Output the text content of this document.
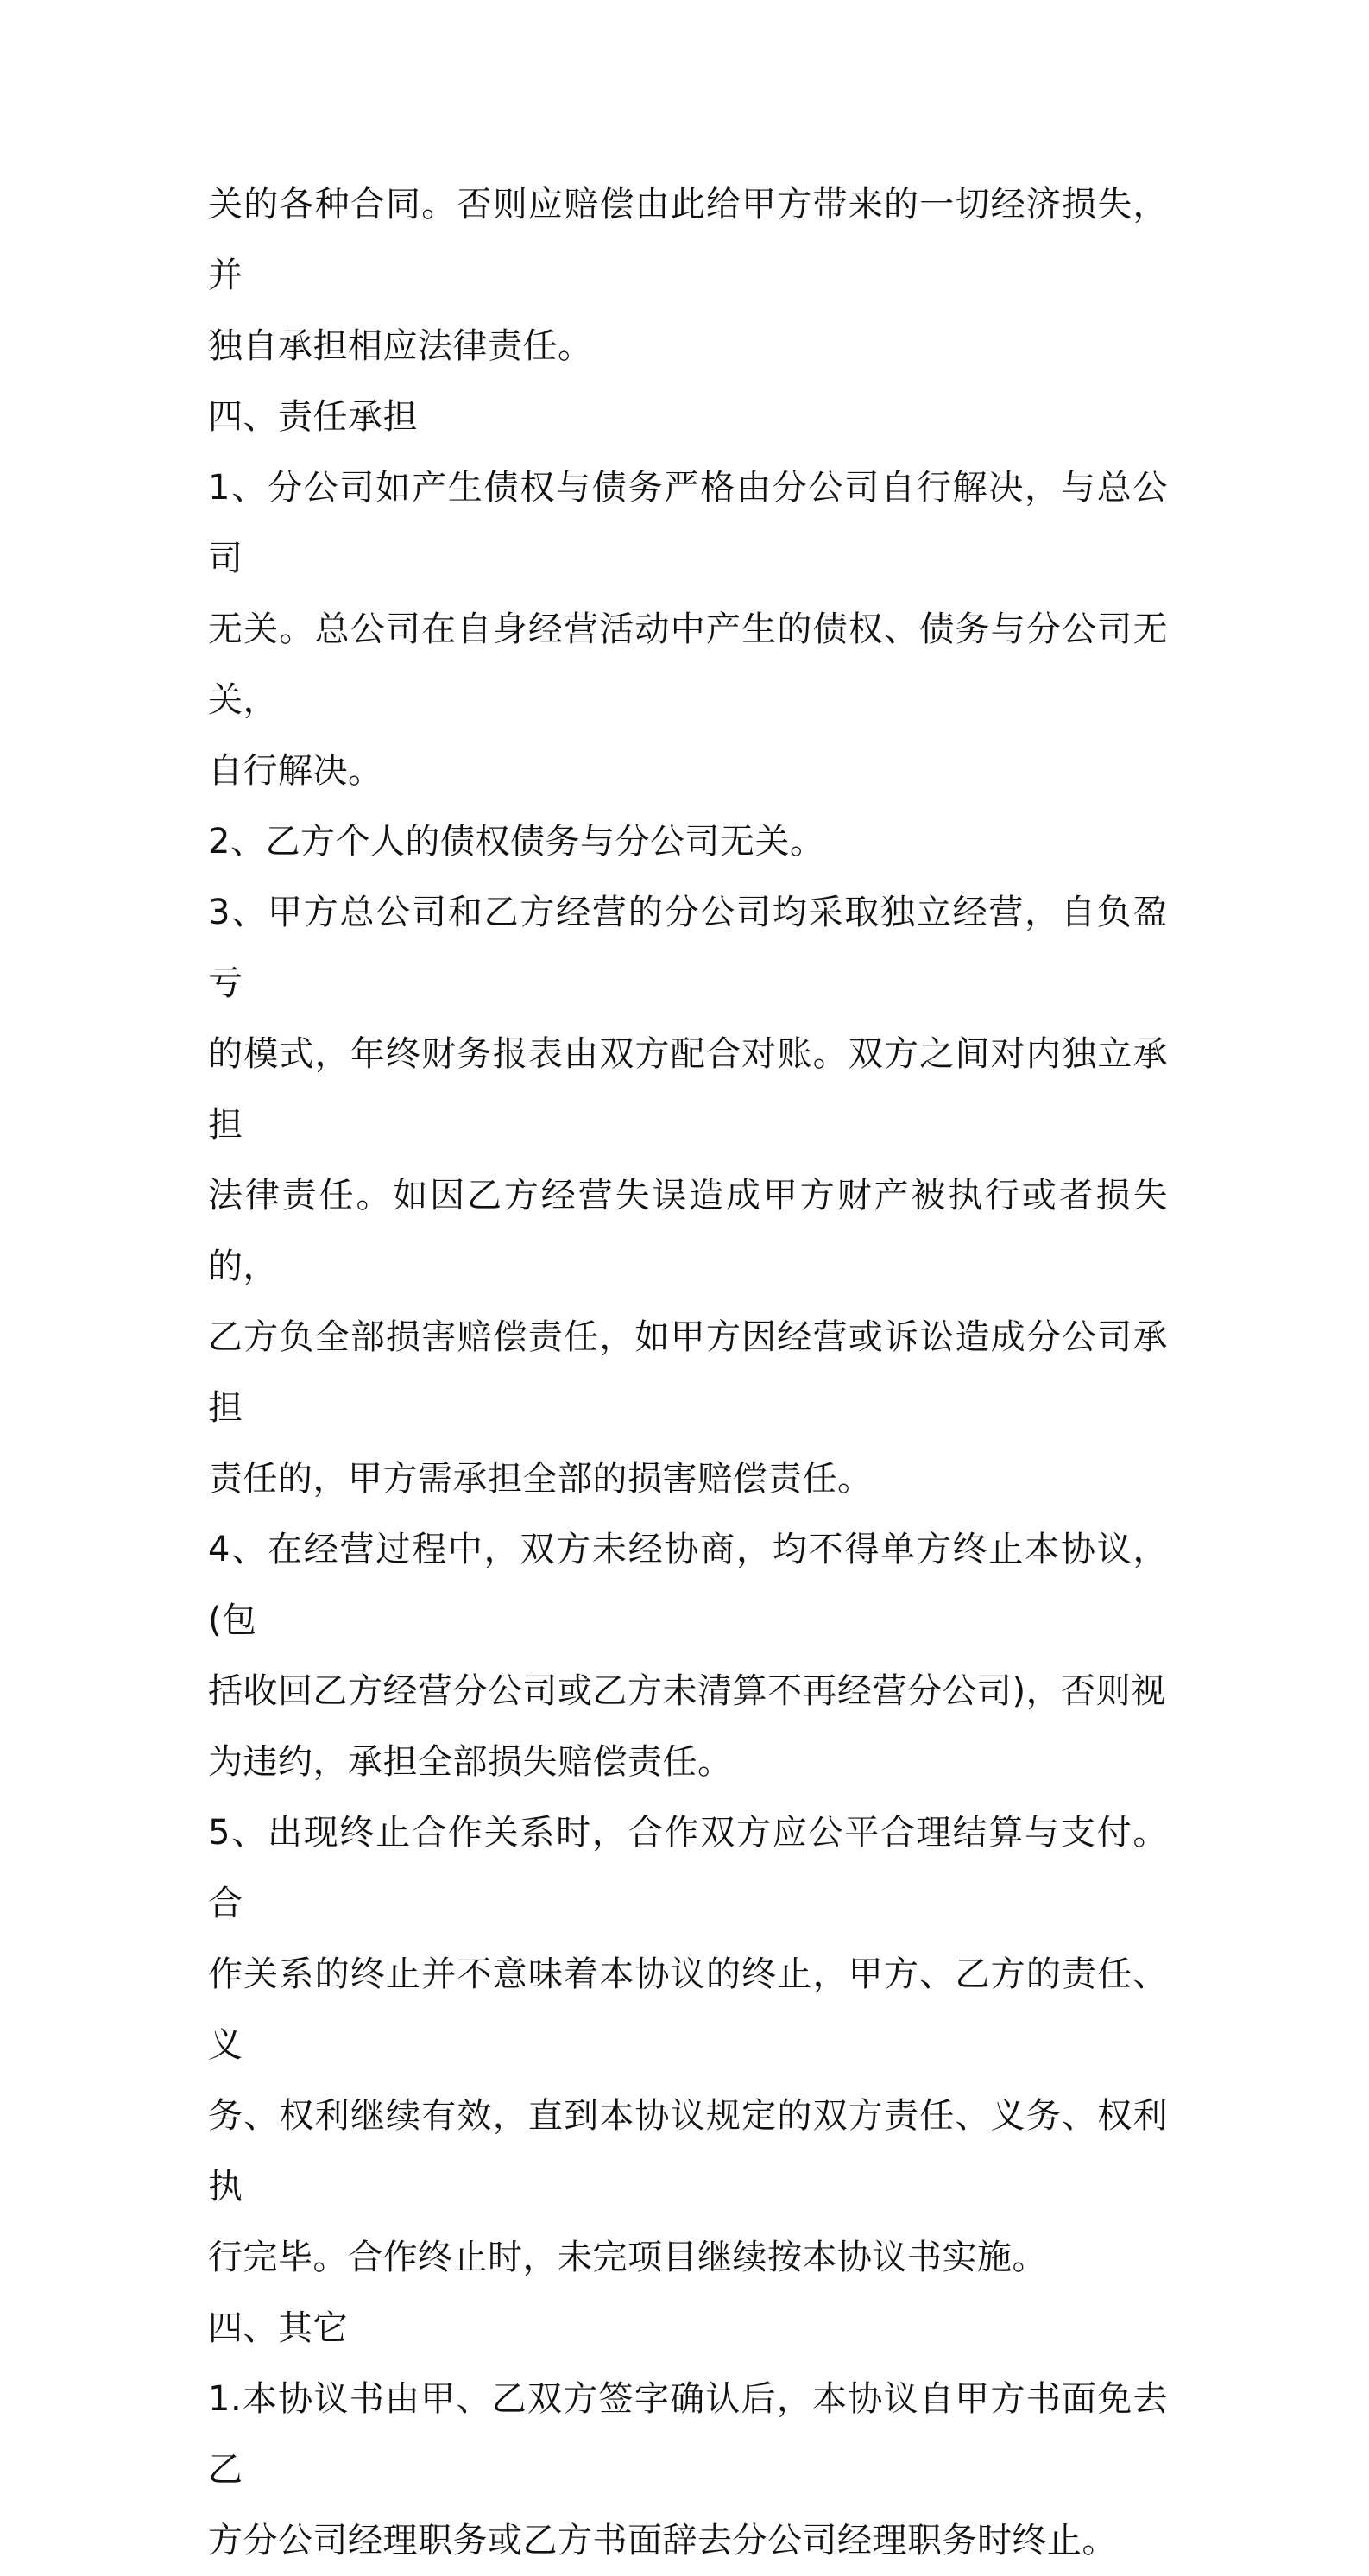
关的各种合同。否则应赔偿由此给甲方带来的一切经济损失，并

独自承担相应法律责任。

四、责任承担

1、分公司如产生债权与债务严格由分公司自行解决，与总公司

无关。总公司在自身经营活动中产生的债权、债务与分公司无关，

自行解决。

2、乙方个人的债权债务与分公司无关。

3、甲方总公司和乙方经营的分公司均采取独立经营，自负盈亏

的模式，年终财务报表由双方配合对账。双方之间对内独立承担

法律责任。如因乙方经营失误造成甲方财产被执行或者损失的，

乙方负全部损害赔偿责任，如甲方因经营或诉讼造成分公司承担

责任的，甲方需承担全部的损害赔偿责任。

4、在经营过程中，双方未经协商，均不得单方终止本协议，(包

括收回乙方经营分公司或乙方未清算不再经营分公司)，否则视

为违约，承担全部损失赔偿责任。

5、出现终止合作关系时，合作双方应公平合理结算与支付。合

作关系的终止并不意味着本协议的终止，甲方、乙方的责任、义

务、权利继续有效，直到本协议规定的双方责任、义务、权利执

行完毕。合作终止时，未完项目继续按本协议书实施。

四、其它

1.本协议书由甲、乙双方签字确认后，本协议自甲方书面免去乙

方分公司经理职务或乙方书面辞去分公司经理职务时终止。
